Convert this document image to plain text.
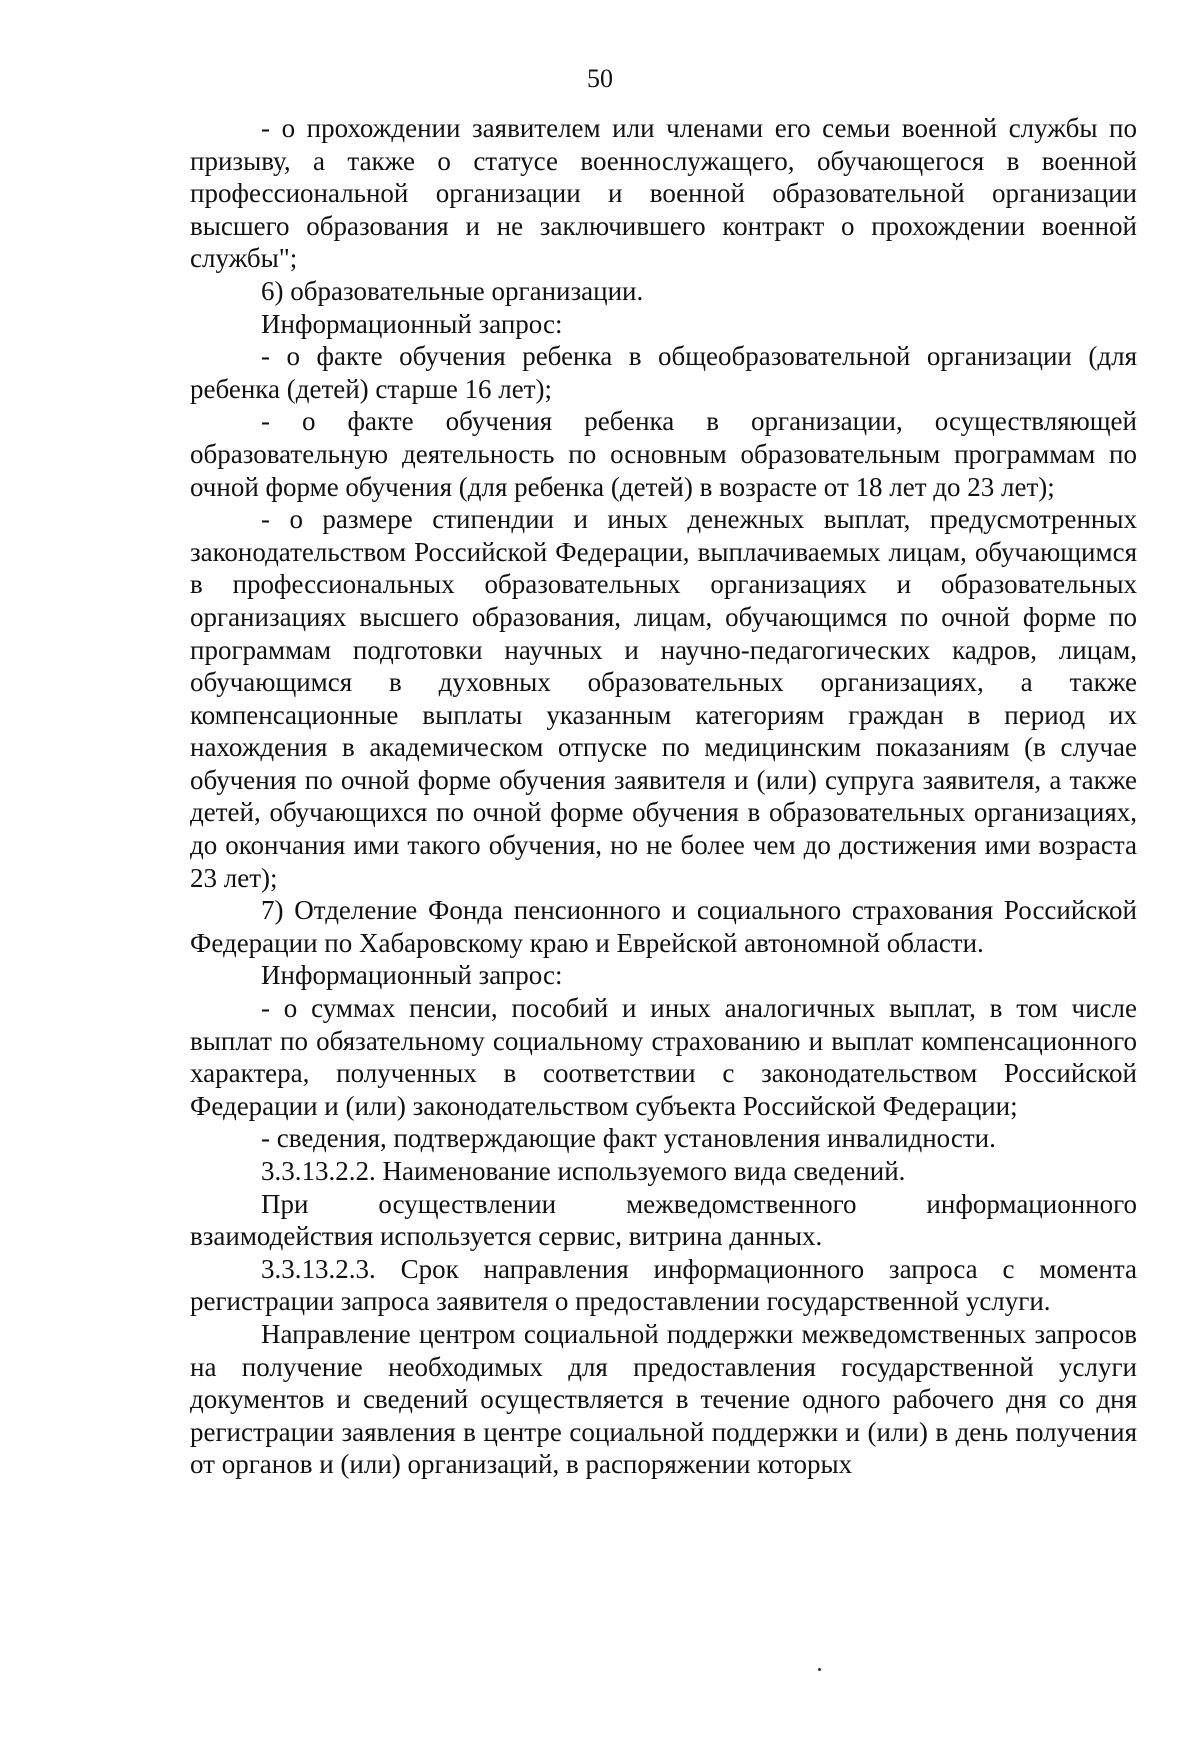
50

- о прохождении заявителем или членами его семьи военной службы по призыву, а также о статусе военнослужащего, обучающегося в военной профессиональной организации и военной образовательной организации высшего образования и не заключившего контракт о прохождении военной службы";

6) образовательные организации.

Информационный запрос:

- о факте обучения ребенка в общеобразовательной организации (для ребенка (детей) старше 16 лет);

- о факте обучения ребенка в организации, осуществляющей образовательную деятельность по основным образовательным программам по очной форме обучения (для ребенка (детей) в возрасте от 18 лет до 23 лет);

- о размере стипендии и иных денежных выплат, предусмотренных законодательством Российской Федерации, выплачиваемых лицам, обучающимся в профессиональных образовательных организациях и образовательных организациях высшего образования, лицам, обучающимся по очной форме по программам подготовки научных и научно-педагогических кадров, лицам, обучающимся в духовных образовательных организациях, а также компенсационные выплаты указанным категориям граждан в период их нахождения в академическом отпуске по медицинским показаниям (в случае обучения по очной форме обучения заявителя и (или) супруга заявителя, а также детей, обучающихся по очной форме обучения в образовательных организациях, до окончания ими такого обучения, но не более чем до достижения ими возраста 23 лет);

7) Отделение Фонда пенсионного и социального страхования Российской Федерации по Хабаровскому краю и Еврейской автономной области.

Информационный запрос:

- о суммах пенсии, пособий и иных аналогичных выплат, в том числе выплат по обязательному социальному страхованию и выплат компенсационного характера, полученных в соответствии с законодательством Российской Федерации и (или) законодательством субъекта Российской Федерации;

- сведения, подтверждающие факт установления инвалидности.

3.3.13.2.2. Наименование используемого вида сведений.

При осуществлении межведомственного информационного взаимодействия используется сервис, витрина данных.

3.3.13.2.3. Срок направления информационного запроса с момента регистрации запроса заявителя о предоставлении государственной услуги.

Направление центром социальной поддержки межведомственных запросов на получение необходимых для предоставления государственной услуги документов и сведений осуществляется в течение одного рабочего дня со дня регистрации заявления в центре социальной поддержки и (или) в день получения от органов и (или) организаций, в распоряжении которых
